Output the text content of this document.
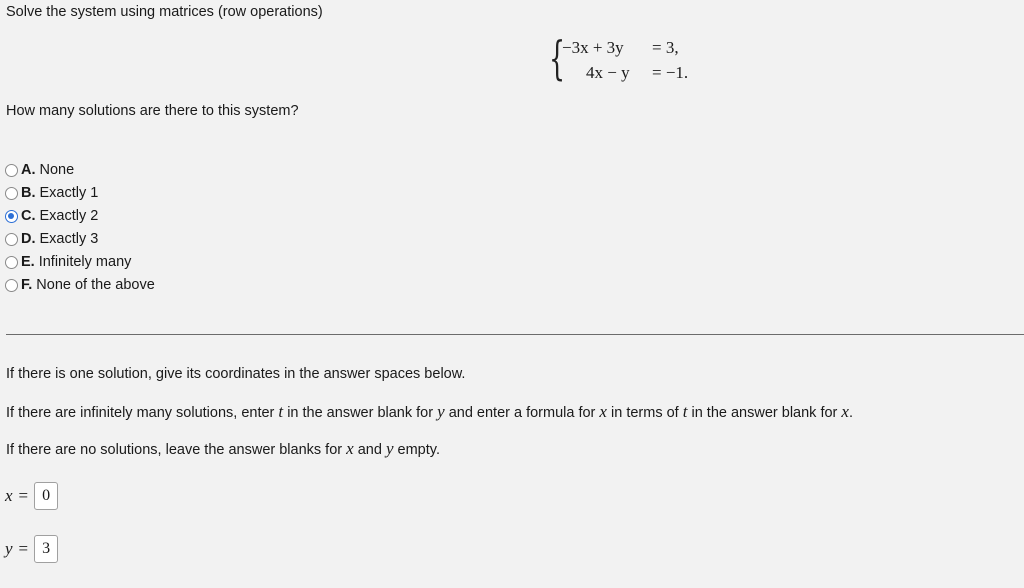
Solve the system using matrices (row operations)
{
−3x + 3y = 3,
4x − y = −1.
How many solutions are there to this system?
A. None
B. Exactly 1
C. Exactly 2
D. Exactly 3
E. Infinitely many
F. None of the above
If there is one solution, give its coordinates in the answer spaces below.
If there are infinitely many solutions, enter t in the answer blank for y and enter a formula for x in terms of t in the answer blank for x.
If there are no solutions, leave the answer blanks for x and y empty.
x = 0
y = 3
